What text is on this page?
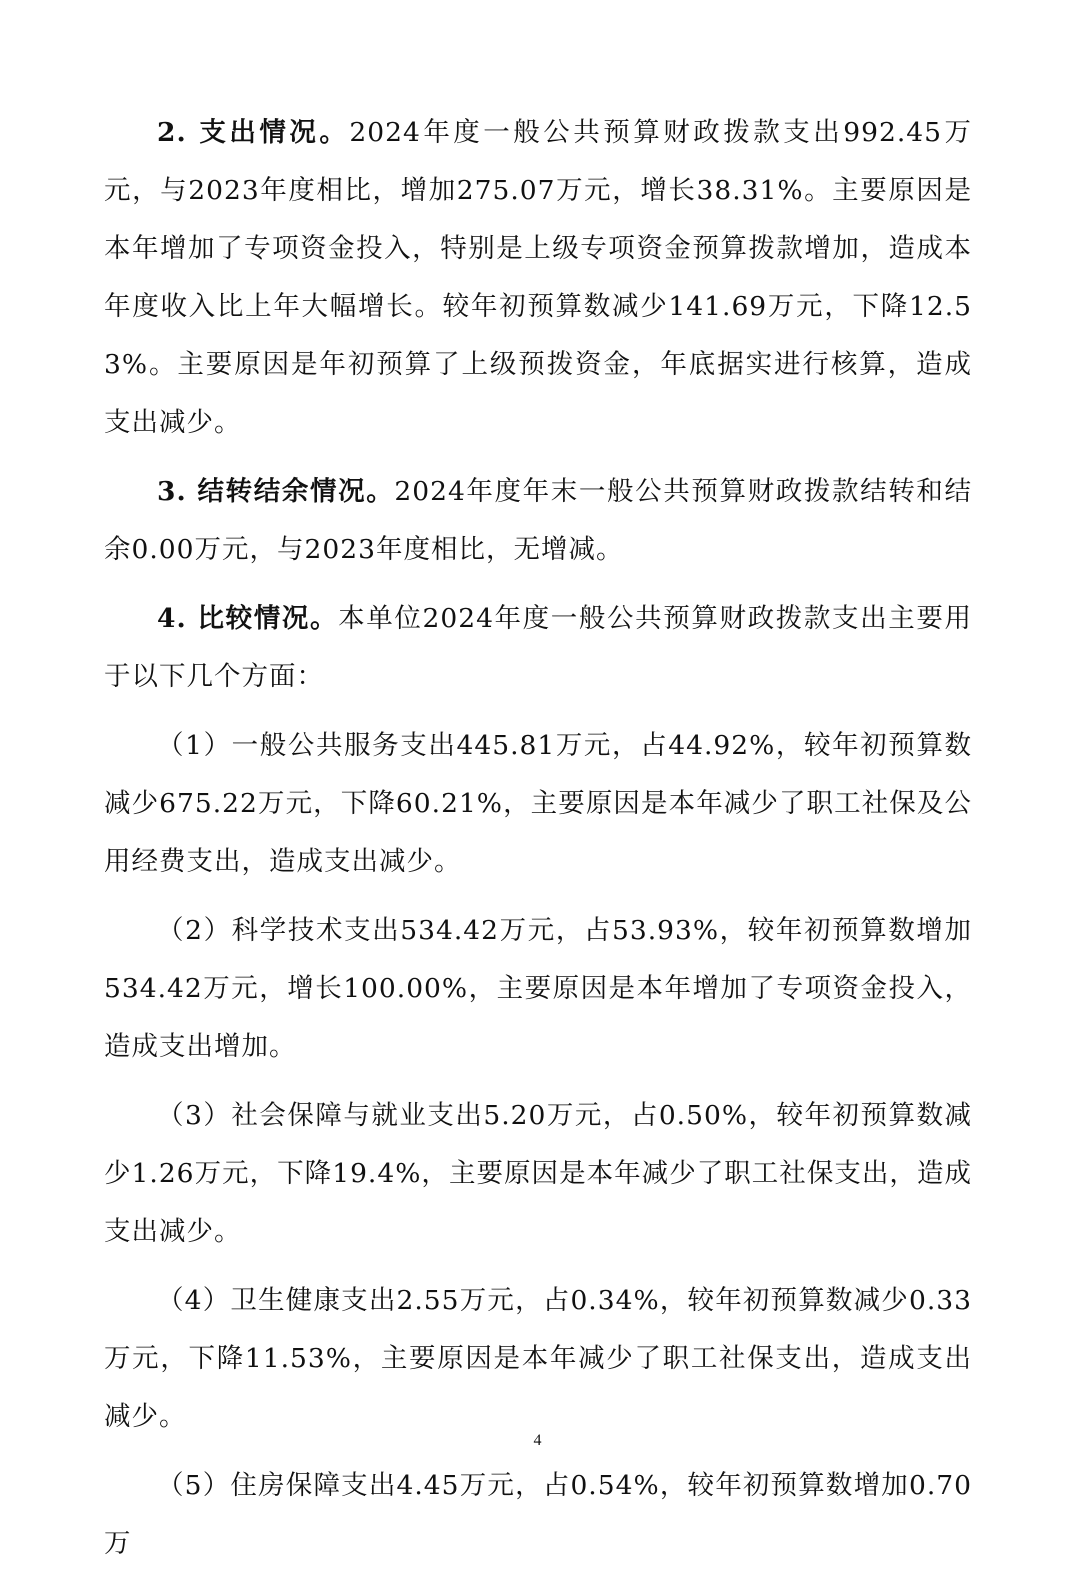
2. 支出情况。2024年度一般公共预算财政拨款支出992.45万元，与2023年度相比，增加275.07万元，增长38.31%。主要原因是本年增加了专项资金投入，特别是上级专项资金预算拨款增加，造成本年度收入比上年大幅增长。较年初预算数减少141.69万元，下降12.53%。主要原因是年初预算了上级预拨资金，年底据实进行核算，造成支出减少。

3. 结转结余情况。2024年度年末一般公共预算财政拨款结转和结余0.00万元，与2023年度相比，无增减。

4. 比较情况。本单位2024年度一般公共预算财政拨款支出主要用于以下几个方面：

（1）一般公共服务支出445.81万元，占44.92%，较年初预算数减少675.22万元，下降60.21%，主要原因是本年减少了职工社保及公用经费支出，造成支出减少。

（2）科学技术支出534.42万元，占53.93%，较年初预算数增加534.42万元，增长100.00%，主要原因是本年增加了专项资金投入，造成支出增加。

（3）社会保障与就业支出5.20万元，占0.50%，较年初预算数减少1.26万元，下降19.4%，主要原因是本年减少了职工社保支出，造成支出减少。

（4）卫生健康支出2.55万元，占0.34%，较年初预算数减少0.33万元，下降11.53%，主要原因是本年减少了职工社保支出，造成支出减少。

（5）住房保障支出4.45万元，占0.54%，较年初预算数增加0.70万

4
